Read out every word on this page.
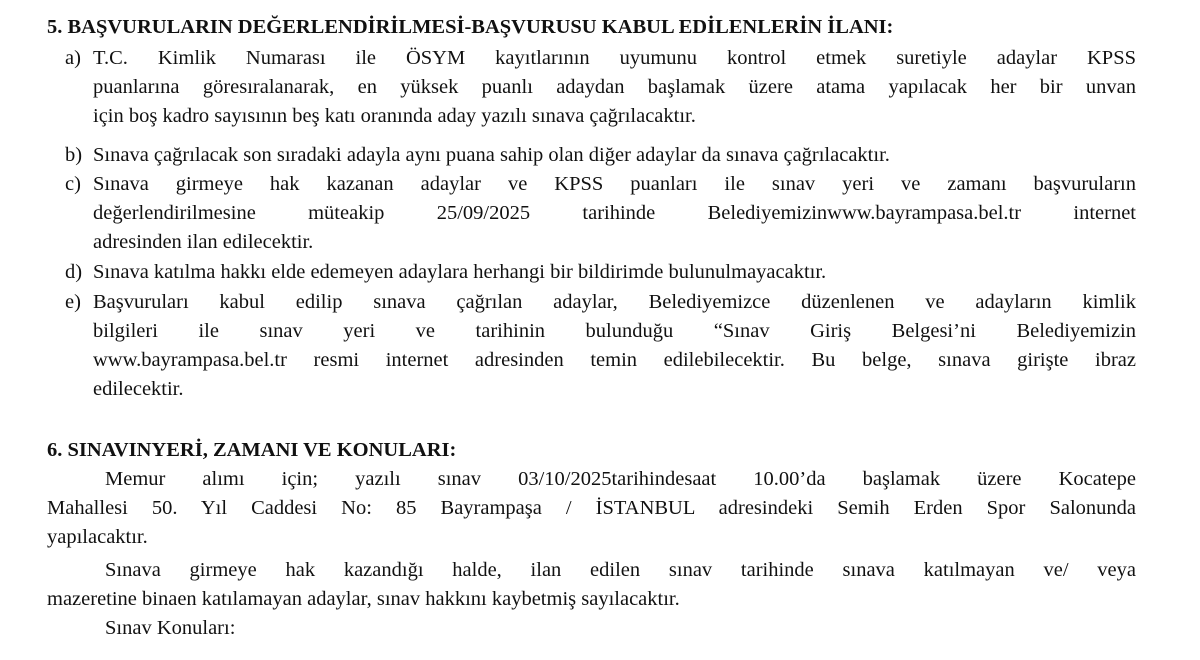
5. BAŞVURULARIN DEĞERLENDİRİLMESİ-BAŞVURUSU KABUL EDİLENLERİN İLANI:
a) T.C. Kimlik Numarası ile ÖSYM kayıtlarının uyumunu kontrol etmek suretiyle adaylar KPSS
puanlarına göresıralanarak, en yüksek puanlı adaydan başlamak üzere atama yapılacak her bir unvan
için boş kadro sayısının beş katı oranında aday yazılı sınava çağrılacaktır.
b) Sınava çağrılacak son sıradaki adayla aynı puana sahip olan diğer adaylar da sınava çağrılacaktır.
c) Sınava girmeye hak kazanan adaylar ve KPSS puanları ile sınav yeri ve zamanı başvuruların
değerlendirilmesine müteakip 25/09/2025 tarihinde Belediyemizinwww.bayrampasa.bel.tr internet
adresinden ilan edilecektir.
d) Sınava katılma hakkı elde edemeyen adaylara herhangi bir bildirimde bulunulmayacaktır.
e) Başvuruları kabul edilip sınava çağrılan adaylar, Belediyemizce düzenlenen ve adayların kimlik
bilgileri ile sınav yeri ve tarihinin bulunduğu “Sınav Giriş Belgesi’ni Belediyemizin
www.bayrampasa.bel.tr resmi internet adresinden temin edilebilecektir. Bu belge, sınava girişte ibraz
edilecektir.
6. SINAVINYERİ, ZAMANI VE KONULARI:
Memur alımı için; yazılı sınav 03/10/2025tarihindesaat 10.00’da başlamak üzere Kocatepe
Mahallesi 50. Yıl Caddesi No: 85 Bayrampaşa / İSTANBUL adresindeki Semih Erden Spor Salonunda
yapılacaktır.
Sınava girmeye hak kazandığı halde, ilan edilen sınav tarihinde sınava katılmayan ve/ veya
mazeretine binaen katılamayan adaylar, sınav hakkını kaybetmiş sayılacaktır.
Sınav Konuları:
